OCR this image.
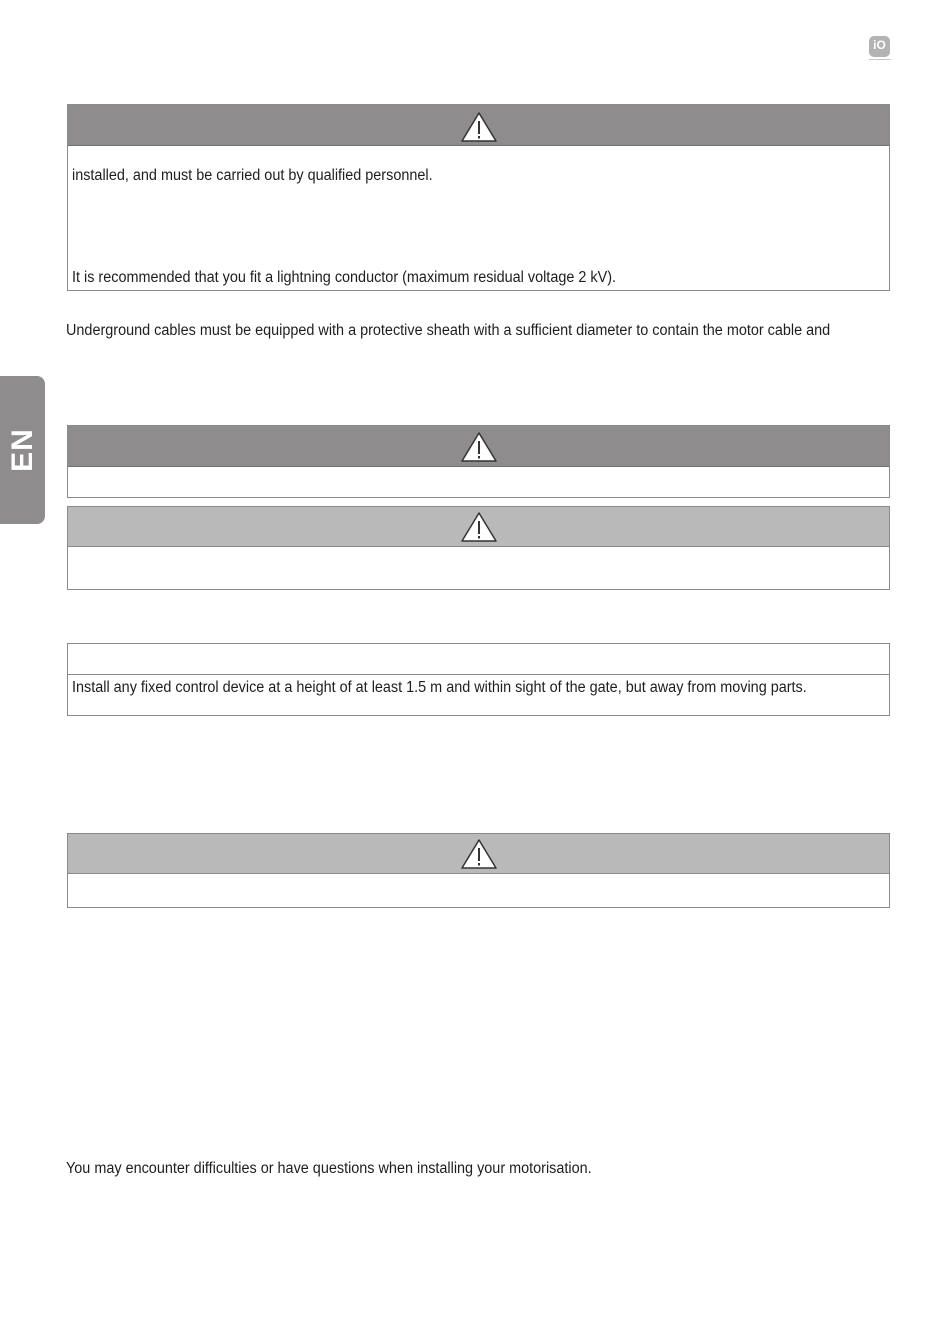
iO
EN
installed, and must be carried out by qualified personnel.
It is recommended that you fit a lightning conductor (maximum residual voltage 2 kV).
Underground cables must be equipped with a protective sheath with a sufficient diameter to contain the motor cable and
Install any fixed control device at a height of at least 1.5 m and within sight of the gate, but away from moving parts.
You may encounter difficulties or have questions when installing your motorisation.
